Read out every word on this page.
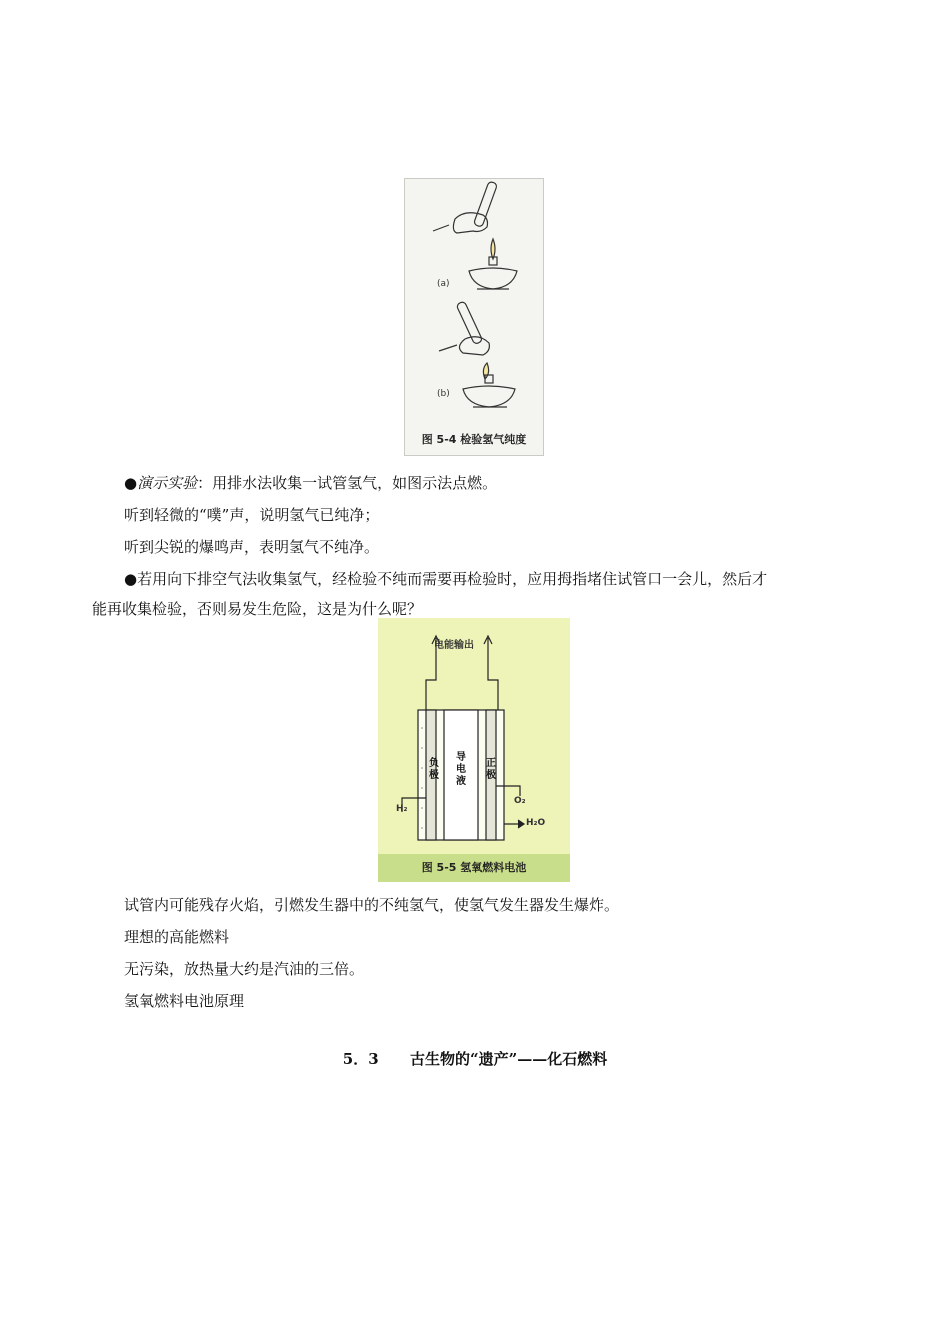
(a)
(b)
图 5-4 检验氢气纯度
●演示实验：用排水法收集一试管氢气，如图示法点燃。
听到轻微的“噗”声，说明氢气已纯净；
听到尖锐的爆鸣声，表明氢气不纯净。
●若用向下排空气法收集氢气，经检验不纯而需要再检验时，应用拇指堵住试管口一会儿，然后才
能再收集检验，否则易发生危险，这是为什么呢？
电能输出
负极
导电液
正极
H₂
O₂
H₂O
图 5-5 氢氧燃料电池
试管内可能残存火焰，引燃发生器中的不纯氢气，使氢气发生器发生爆炸。
理想的高能燃料
无污染，放热量大约是汽油的三倍。
氢氧燃料电池原理
5．3      古生物的“遗产”——化石燃料
